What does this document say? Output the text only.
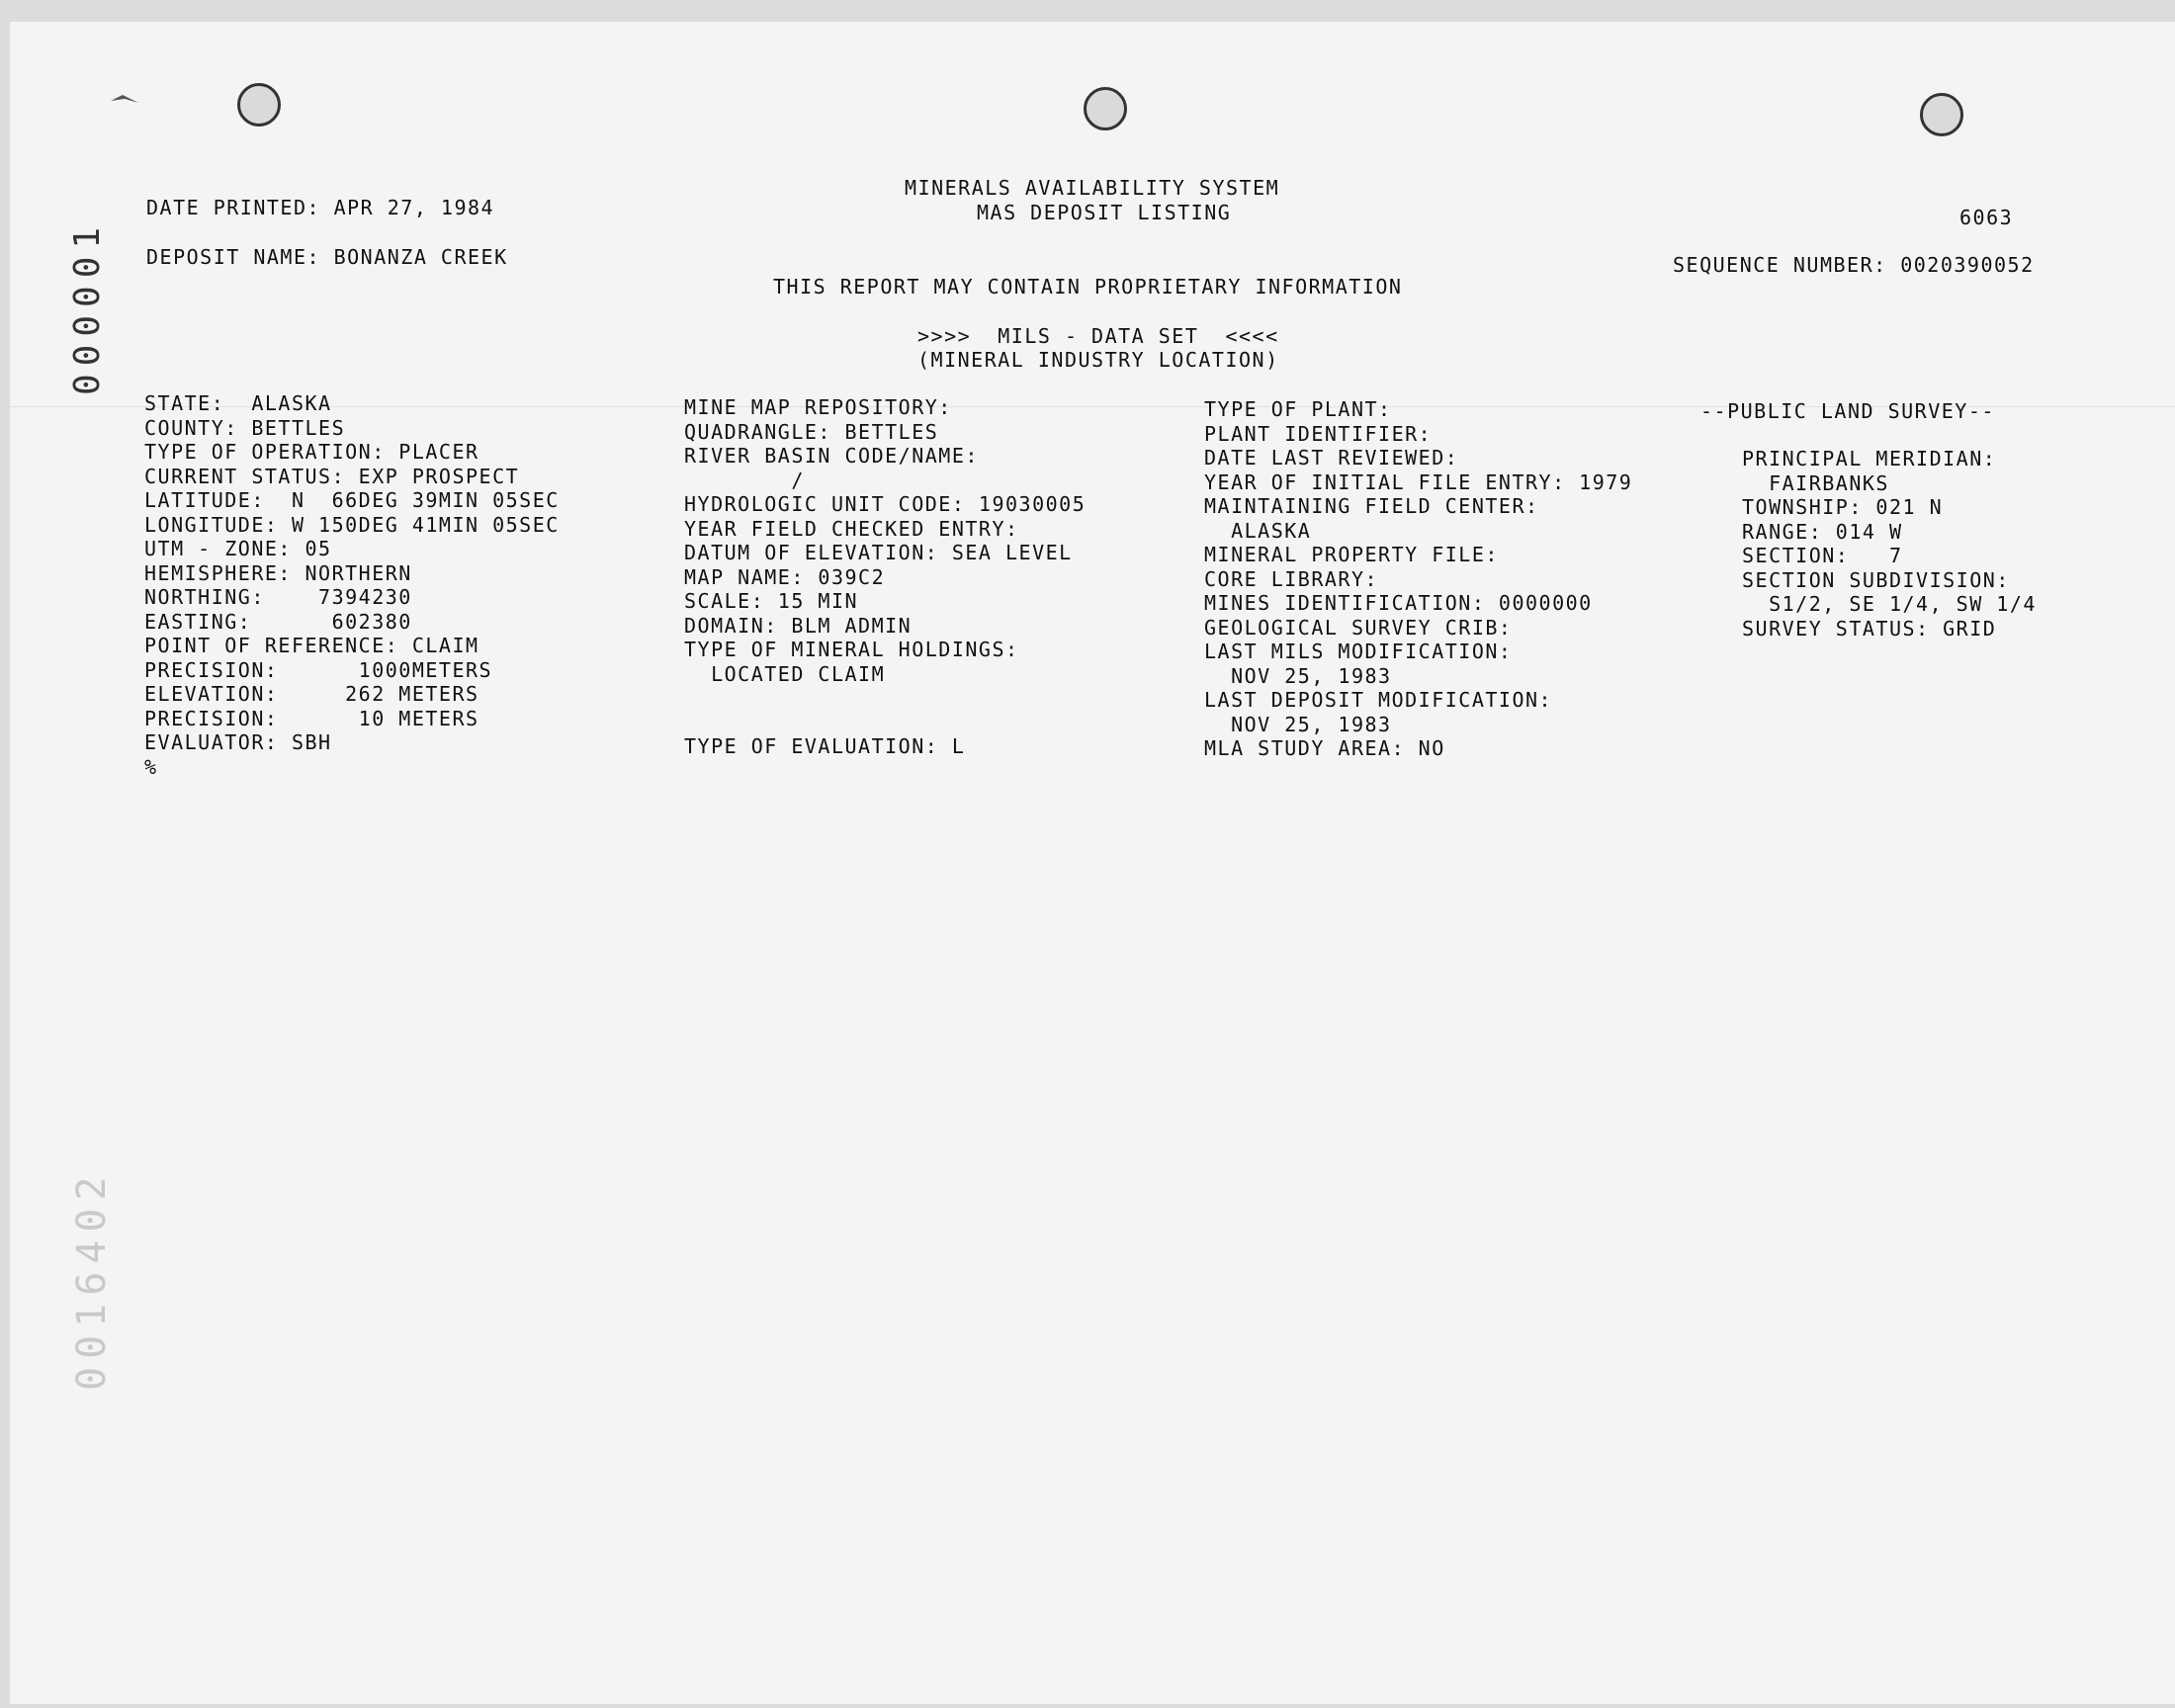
000001
0016402

DATE PRINTED: APR 27, 1984

DEPOSIT NAME: BONANZA CREEK

MINERALS AVAILABILITY SYSTEM

MAS DEPOSIT LISTING

THIS REPORT MAY CONTAIN PROPRIETARY INFORMATION

>>>>  MILS - DATA SET  <<<<

(MINERAL INDUSTRY LOCATION)

6063

SEQUENCE NUMBER: 0020390052

STATE:  ALASKA

COUNTY: BETTLES

TYPE OF OPERATION: PLACER

CURRENT STATUS: EXP PROSPECT

LATITUDE:  N  66DEG 39MIN 05SEC

LONGITUDE: W 150DEG 41MIN 05SEC

UTM - ZONE: 05

HEMISPHERE: NORTHERN

NORTHING:    7394230

EASTING:      602380

POINT OF REFERENCE: CLAIM

PRECISION:      1000METERS

ELEVATION:     262 METERS

PRECISION:      10 METERS

EVALUATOR: SBH

%

MINE MAP REPOSITORY:

QUADRANGLE: BETTLES

RIVER BASIN CODE/NAME:

/

HYDROLOGIC UNIT CODE: 19030005

YEAR FIELD CHECKED ENTRY:

DATUM OF ELEVATION: SEA LEVEL

MAP NAME: 039C2

SCALE: 15 MIN

DOMAIN: BLM ADMIN

TYPE OF MINERAL HOLDINGS:

LOCATED CLAIM

TYPE OF EVALUATION: L

TYPE OF PLANT:

PLANT IDENTIFIER:

DATE LAST REVIEWED:

YEAR OF INITIAL FILE ENTRY: 1979

MAINTAINING FIELD CENTER:

ALASKA

MINERAL PROPERTY FILE:

CORE LIBRARY:

MINES IDENTIFICATION: 0000000

GEOLOGICAL SURVEY CRIB:

LAST MILS MODIFICATION:

NOV 25, 1983

LAST DEPOSIT MODIFICATION:

NOV 25, 1983

MLA STUDY AREA: NO

--PUBLIC LAND SURVEY--

PRINCIPAL MERIDIAN:

FAIRBANKS

TOWNSHIP: 021 N

RANGE: 014 W

SECTION:   7

SECTION SUBDIVISION:

S1/2, SE 1/4, SW 1/4

SURVEY STATUS: GRID
